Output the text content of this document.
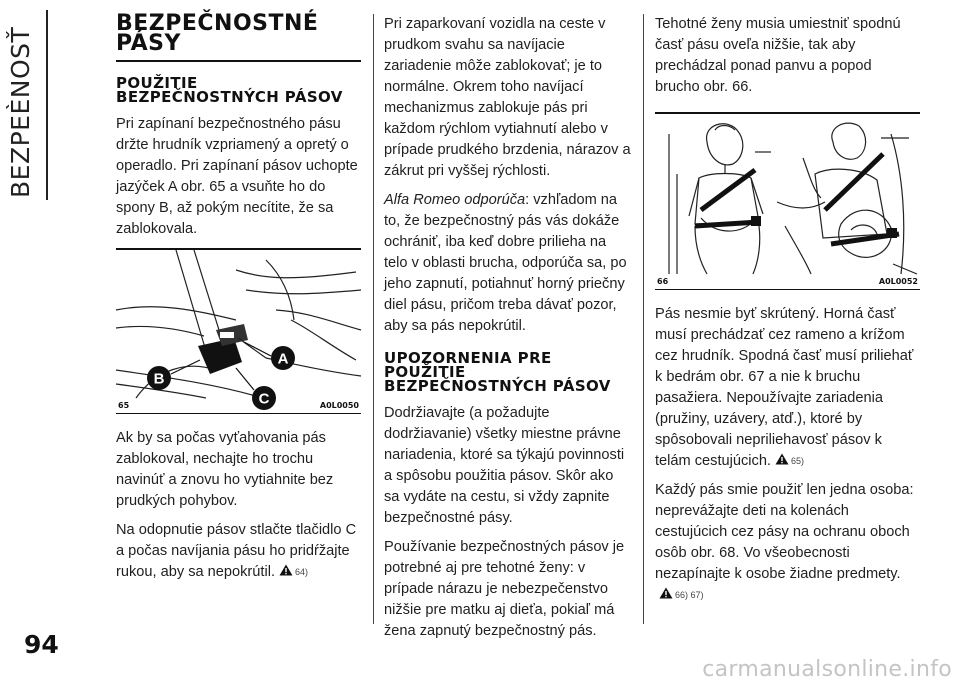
BEZPEÈNOSŤ
BEZPEČNOSTNÉ PÁSY
POUŽITIE BEZPEČNOSTNÝCH PÁSOV

Pri zapínaní bezpečnostného pásu držte hrudník vzpriamený a opretý o operadlo. Pri zapínaní pásov uchopte jazýček A obr. 65 a vsuňte ho do spony B, až pokým necítite, že sa zablokovala.

A
B
C
65	A0L0050

Ak by sa počas vyťahovania pás zablokoval, nechajte ho trochu navinúť a znovu ho vytiahnite bez prudkých pohybov.

Na odopnutie pásov stlačte tlačidlo C a počas navíjania pásu ho pridŕžajte rukou, aby sa nepokrútil. 64)

Pri zaparkovaní vozidla na ceste v prudkom svahu sa navíjacie zariadenie môže zablokovať; je to normálne. Okrem toho navíjací mechanizmus zablokuje pás pri každom rýchlom vytiahnutí alebo v prípade prudkého brzdenia, nárazov a zákrut pri vyššej rýchlosti.

Alfa Romeo odporúča: vzhľadom na to, že bezpečnostný pás vás dokáže ochrániť, iba keď dobre prilieha na telo v oblasti brucha, odporúča sa, po jeho zapnutí, potiahnuť horný priečny diel pásu, pričom treba dávať pozor, aby sa pás nepokrútil.

UPOZORNENIA PRE POUŽITIE BEZPEČNOSTNÝCH PÁSOV

Dodržiavajte (a požadujte dodržiavanie) všetky miestne právne nariadenia, ktoré sa týkajú povinnosti a spôsobu použitia pásov. Skôr ako sa vydáte na cestu, si vždy zapnite bezpečnostné pásy.

Používanie bezpečnostných pásov je potrebné aj pre tehotné ženy: v prípade nárazu je nebezpečenstvo nižšie pre matku aj dieťa, pokiaľ má žena zapnutý bezpečnostný pás.

Tehotné ženy musia umiestniť spodnú časť pásu oveľa nižšie, tak aby prechádzal ponad panvu a popod brucho obr. 66.

66	A0L0052

Pás nesmie byť skrútený. Horná časť musí prechádzať cez rameno a krížom cez hrudník. Spodná časť musí priliehať k bedrám obr. 67 a nie k bruchu pasažiera. Nepoužívajte zariadenia (pružiny, uzávery, atď.), ktoré by spôsobovali nepriliehavosť pásov k telám cestujúcich. 65)

Každý pás smie použiť len jedna osoba: neprevážajte deti na kolenách cestujúcich cez pásy na ochranu oboch osôb obr. 68. Vo všeobecnosti nezapínajte k osobe žiadne predmety.66) 67)

94
carmanualsonline.info
